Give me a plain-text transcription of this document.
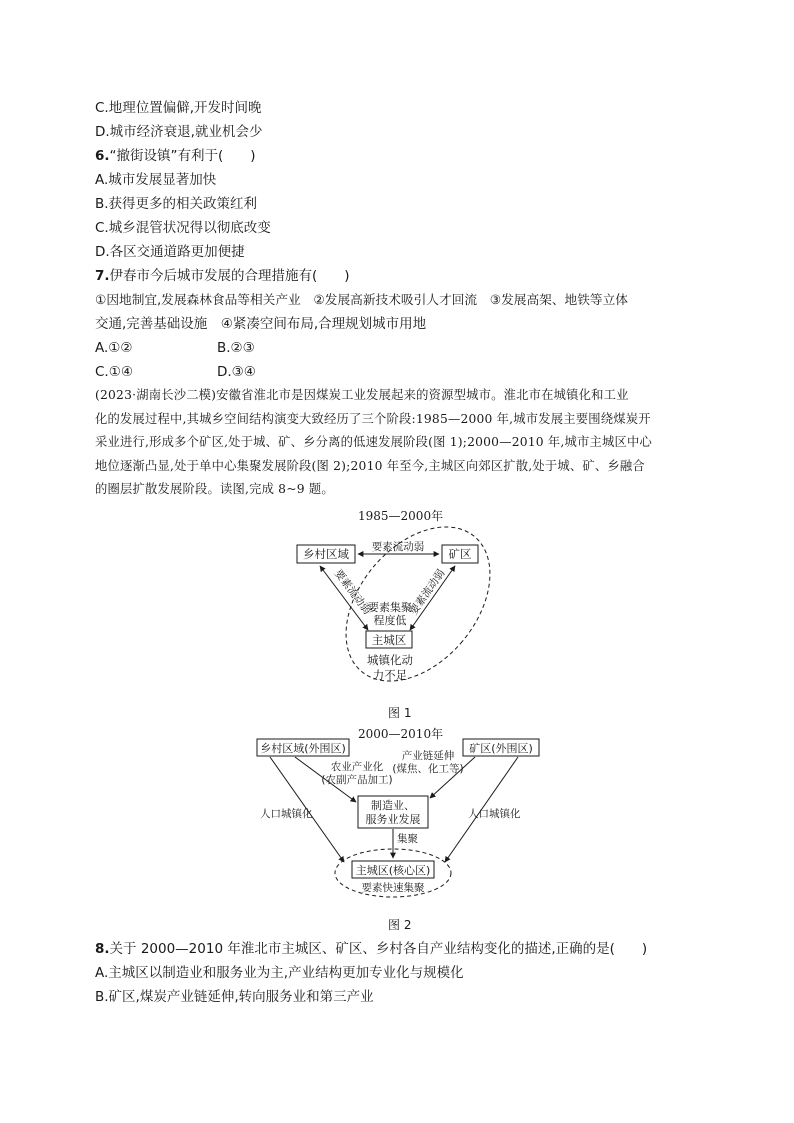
C.地理位置偏僻,开发时间晚
D.城市经济衰退,就业机会少
6.“撤街设镇”有利于(　　)
A.城市发展显著加快
B.获得更多的相关政策红利
C.城乡混管状况得以彻底改变
D.各区交通道路更加便捷
7.伊春市今后城市发展的合理措施有(　　)
①因地制宜,发展森林食品等相关产业　②发展高新技术吸引人才回流　③发展高架、地铁等立体
交通,完善基础设施　④紧凑空间布局,合理规划城市用地
A.①②	B.②③
C.①④	D.③④
(2023·湖南长沙二模)安徽省淮北市是因煤炭工业发展起来的资源型城市。淮北市在城镇化和工业
化的发展过程中,其城乡空间结构演变大致经历了三个阶段:1985—2000 年,城市发展主要围绕煤炭开
采业进行,形成多个矿区,处于城、矿、乡分离的低速发展阶段(图 1);2000—2010 年,城市主城区中心
地位逐渐凸显,处于单中心集聚发展阶段(图 2);2010 年至今,主城区向郊区扩散,处于城、矿、乡融合
的圈层扩散发展阶段。读图,完成 8~9 题。
1985—2000年
乡村区域	矿区
主城区
要素流动弱
要素流动弱	要素流动弱
要素集聚
程度低
城镇化动
力不足
图 1
2000—2010年
乡村区域(外围区)	矿区(外围区)
农业产业化
(农副产品加工)
产业链延伸
(煤焦、化工等)
制造业、
服务业发展
集聚
人口城镇化	人口城镇化
主城区(核心区)
要素快速集聚
图 2
8.关于 2000—2010 年淮北市主城区、矿区、乡村各自产业结构变化的描述,正确的是(　　)
A.主城区以制造业和服务业为主,产业结构更加专业化与规模化
B.矿区,煤炭产业链延伸,转向服务业和第三产业
